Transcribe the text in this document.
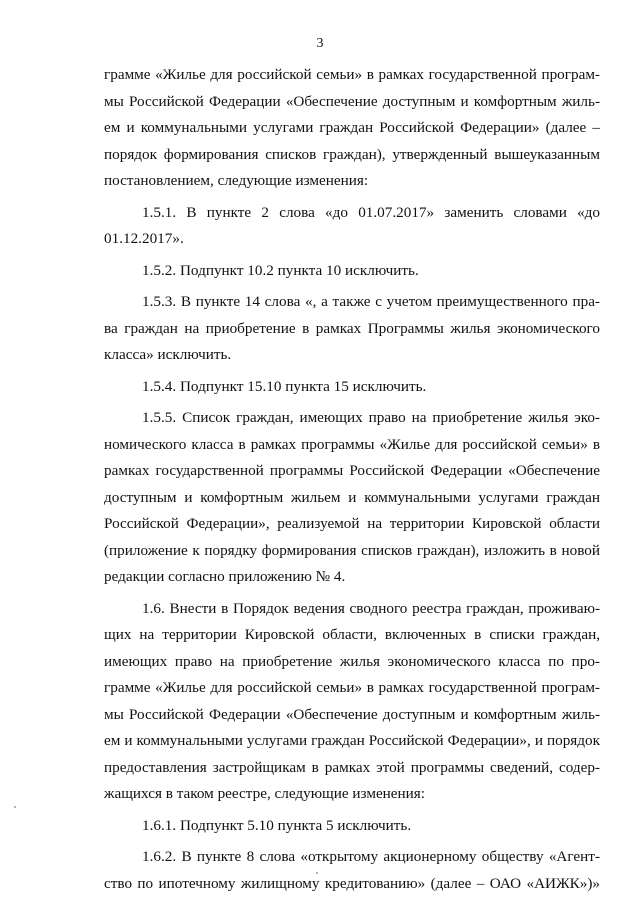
3
грамме «Жилье для российской семьи» в рамках государственной програм-
мы Российской Федерации «Обеспечение доступным и комфортным жиль-
ем и коммунальными услугами граждан Российской Федерации» (далее –
порядок формирования списков граждан), утвержденный вышеуказанным
постановлением, следующие изменения:
1.5.1. В пункте 2 слова «до 01.07.2017» заменить словами «до
01.12.2017».
1.5.2. Подпункт 10.2 пункта 10 исключить.
1.5.3. В пункте 14 слова «, а также с учетом преимущественного пра-
ва граждан на приобретение в рамках Программы жилья экономического
класса» исключить.
1.5.4. Подпункт 15.10 пункта 15 исключить.
1.5.5. Список граждан, имеющих право на приобретение жилья эко-
номического класса в рамках программы «Жилье для российской семьи» в
рамках государственной программы Российской Федерации «Обеспечение
доступным и комфортным жильем и коммунальными услугами граждан
Российской Федерации», реализуемой на территории Кировской области
(приложение к порядку формирования списков граждан), изложить в новой
редакции согласно приложению № 4.
1.6. Внести в Порядок ведения сводного реестра граждан, проживаю-
щих на территории Кировской области, включенных в списки граждан,
имеющих право на приобретение жилья экономического класса по про-
грамме «Жилье для российской семьи» в рамках государственной програм-
мы Российской Федерации «Обеспечение доступным и комфортным жиль-
ем и коммунальными услугами граждан Российской Федерации», и порядок
предоставления застройщикам в рамках этой программы сведений, содер-
жащихся в таком реестре, следующие изменения:
1.6.1. Подпункт 5.10 пункта 5 исключить.
1.6.2. В пункте 8 слова «открытому акционерному обществу «Агент-
ство по ипотечному жилищному кредитованию» (далее – ОАО «АИЖК»)»
